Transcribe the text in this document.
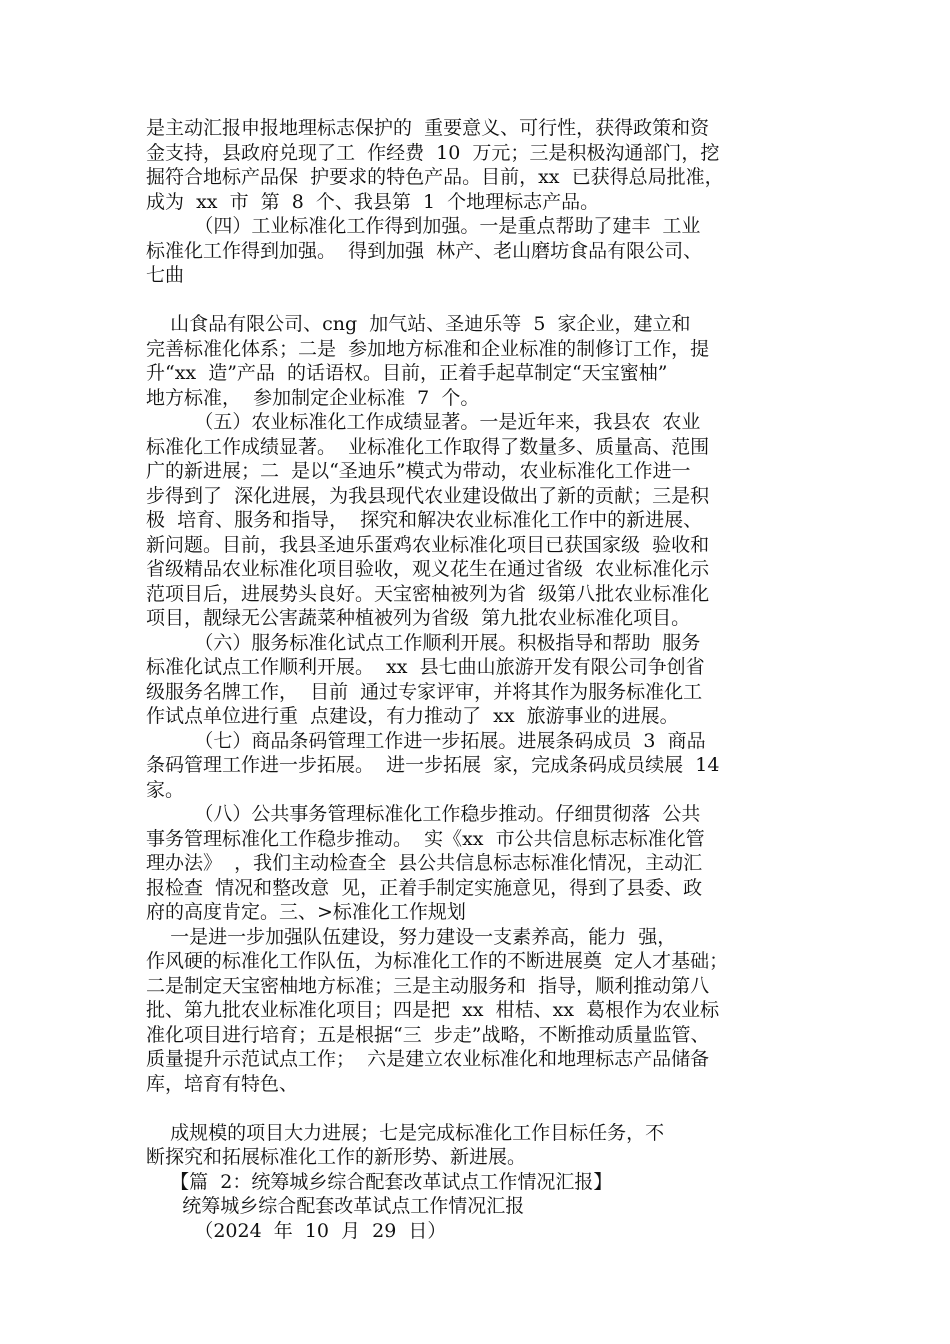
是主动汇报申报地理标志保护的  重要意义、可行性，获得政策和资
金支持，县政府兑现了工  作经费  10  万元；三是积极沟通部门，挖
掘符合地标产品保  护要求的特色产品。目前，xx  已获得总局批准，
成为  xx  市  第  8  个、我县第  1  个地理标志产品。
（四）工业标准化工作得到加强。一是重点帮助了建丰  工业
标准化工作得到加强。  得到加强  林产、老山磨坊食品有限公司、
七曲
山食品有限公司、cng  加气站、圣迪乐等  5  家企业，建立和
完善标准化体系；二是  参加地方标准和企业标准的制修订工作，提
升“xx  造”产品  的话语权。目前，正着手起草制定“天宝蜜柚”
地方标准，  参加制定企业标准  7  个。
（五）农业标准化工作成绩显著。一是近年来，我县农  农业
标准化工作成绩显著。  业标准化工作取得了数量多、质量高、范围
广的新进展；二  是以“圣迪乐”模式为带动，农业标准化工作进一
步得到了  深化进展，为我县现代农业建设做出了新的贡献；三是积
极  培育、服务和指导，  探究和解决农业标准化工作中的新进展、
新问题。目前，我县圣迪乐蛋鸡农业标准化项目已获国家级  验收和
省级精品农业标准化项目验收，观义花生在通过省级  农业标准化示
范项目后，进展势头良好。天宝密柚被列为省  级第八批农业标准化
项目，靓绿无公害蔬菜种植被列为省级  第九批农业标准化项目。
（六）服务标准化试点工作顺利开展。积极指导和帮助  服务
标准化试点工作顺利开展。  xx  县七曲山旅游开发有限公司争创省
级服务名牌工作，  目前  通过专家评审，并将其作为服务标准化工
作试点单位进行重  点建设，有力推动了  xx  旅游事业的进展。
（七）商品条码管理工作进一步拓展。进展条码成员  3  商品
条码管理工作进一步拓展。  进一步拓展  家，完成条码成员续展  14
家。
（八）公共事务管理标准化工作稳步推动。仔细贯彻落  公共
事务管理标准化工作稳步推动。  实《xx  市公共信息标志标准化管
理办法》  ，我们主动检查全  县公共信息标志标准化情况，主动汇
报检查  情况和整改意  见，正着手制定实施意见，得到了县委、政
府的高度肯定。三、>标准化工作规划
一是进一步加强队伍建设，努力建设一支素养高，能力  强，
作风硬的标准化工作队伍，为标准化工作的不断进展奠  定人才基础；
二是制定天宝密柚地方标准；三是主动服务和  指导，顺利推动第八
批、第九批农业标准化项目；四是把  xx  柑桔、xx  葛根作为农业标
准化项目进行培育；五是根据“三  步走”战略，不断推动质量监管、
质量提升示范试点工作；  六是建立农业标准化和地理标志产品储备
库，培育有特色、
成规模的项目大力进展；七是完成标准化工作目标任务，不
断探究和拓展标准化工作的新形势、新进展。
【篇  2：统筹城乡综合配套改革试点工作情况汇报】
统筹城乡综合配套改革试点工作情况汇报
（2024  年  10  月  29  日）
